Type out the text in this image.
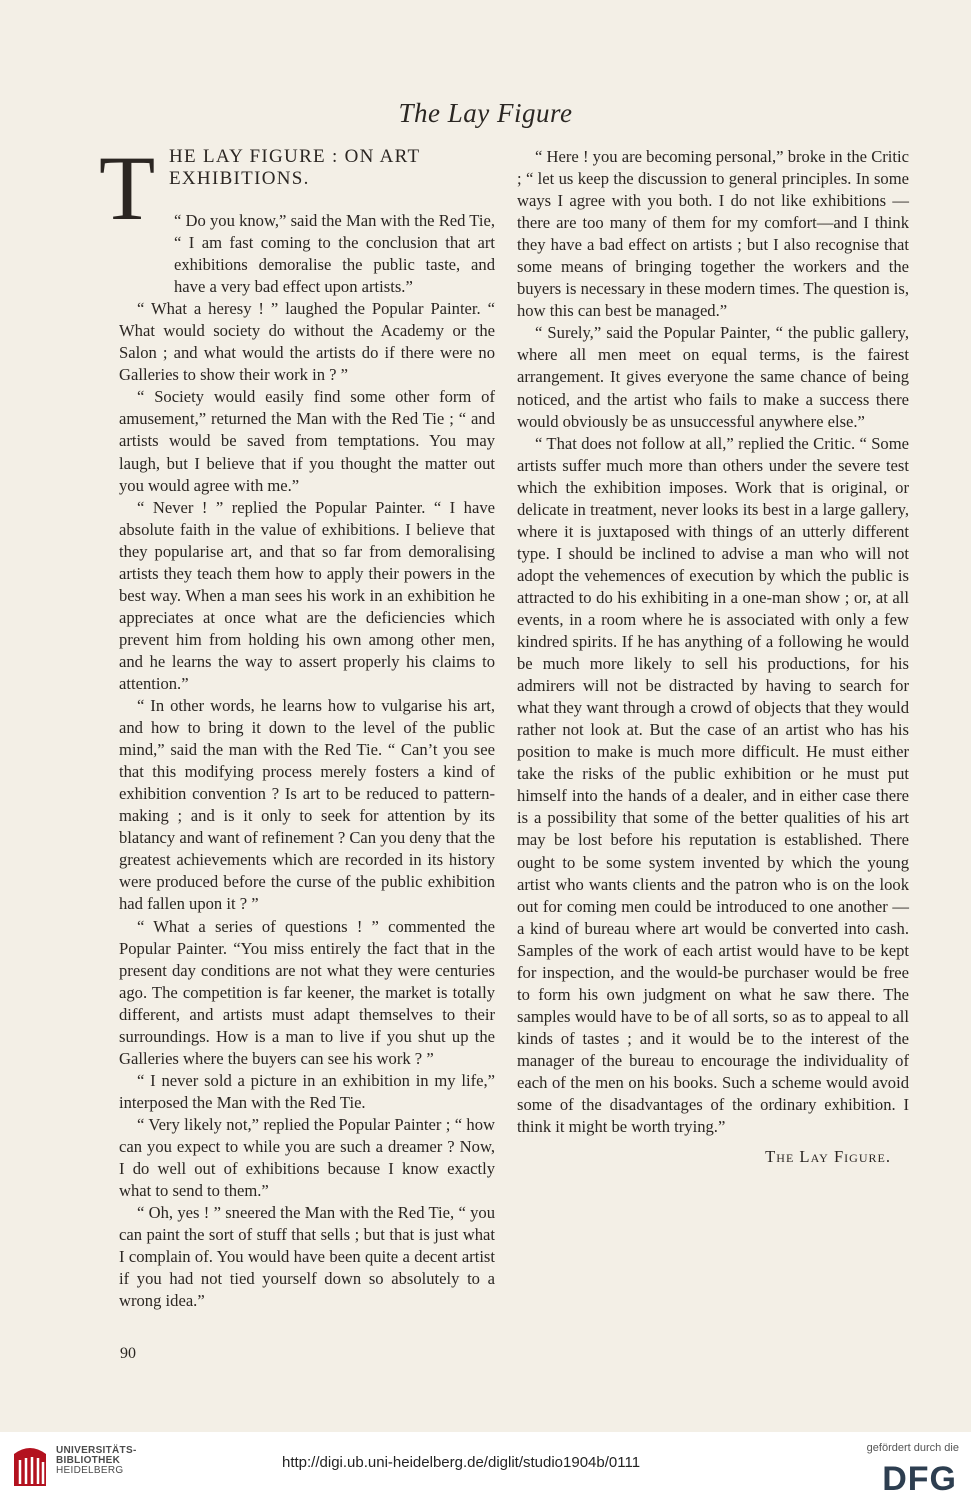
The Lay Figure
T HE LAY FIGURE : ON ART EXHIBITIONS.

“ Do you know,” said the Man with the Red Tie, “ I am fast coming to the conclusion that art exhibitions demoralise the public taste, and have a very bad effect upon artists.”

“ What a heresy ! ” laughed the Popular Painter. “ What would society do without the Academy or the Salon ; and what would the artists do if there were no Galleries to show their work in ? ”

“ Society would easily find some other form of amusement,” returned the Man with the Red Tie ; “ and artists would be saved from temptations. You may laugh, but I believe that if you thought the matter out you would agree with me.”

“ Never ! ” replied the Popular Painter. “ I have absolute faith in the value of exhibitions. I believe that they popularise art, and that so far from demoralising artists they teach them how to apply their powers in the best way. When a man sees his work in an exhibition he appreciates at once what are the deficiencies which prevent him from holding his own among other men, and he learns the way to assert properly his claims to attention.”

“ In other words, he learns how to vulgarise his art, and how to bring it down to the level of the public mind,” said the man with the Red Tie. “ Can’t you see that this modifying process merely fosters a kind of exhibition convention ? Is art to be reduced to pattern-making ; and is it only to seek for attention by its blatancy and want of refinement ? Can you deny that the greatest achievements which are recorded in its history were produced before the curse of the public exhibition had fallen upon it ? ”

“ What a series of questions ! ” commented the Popular Painter. “You miss entirely the fact that in the present day conditions are not what they were centuries ago. The competition is far keener, the market is totally different, and artists must adapt themselves to their surroundings. How is a man to live if you shut up the Galleries where the buyers can see his work ? ”

“ I never sold a picture in an exhibition in my life,” interposed the Man with the Red Tie.

“ Very likely not,” replied the Popular Painter ; “ how can you expect to while you are such a dreamer ? Now, I do well out of exhibitions because I know exactly what to send to them.”

“ Oh, yes ! ” sneered the Man with the Red Tie, “ you can paint the sort of stuff that sells ; but that is just what I complain of. You would have been quite a decent artist if you had not tied yourself down so absolutely to a wrong idea.”

“ Here ! you are becoming personal,” broke in the Critic ; “ let us keep the discussion to general principles. In some ways I agree with you both. I do not like exhibitions — there are too many of them for my comfort—and I think they have a bad effect on artists ; but I also recognise that some means of bringing together the workers and the buyers is necessary in these modern times. The question is, how this can best be managed.”

“ Surely,” said the Popular Painter, “ the public gallery, where all men meet on equal terms, is the fairest arrangement. It gives everyone the same chance of being noticed, and the artist who fails to make a success there would obviously be as unsuccessful anywhere else.”

“ That does not follow at all,” replied the Critic. “ Some artists suffer much more than others under the severe test which the exhibition imposes. Work that is original, or delicate in treatment, never looks its best in a large gallery, where it is juxtaposed with things of an utterly different type. I should be inclined to advise a man who will not adopt the vehemences of execution by which the public is attracted to do his exhibiting in a one-man show ; or, at all events, in a room where he is associated with only a few kindred spirits. If he has anything of a following he would be much more likely to sell his productions, for his admirers will not be distracted by having to search for what they want through a crowd of objects that they would rather not look at. But the case of an artist who has his position to make is much more difficult. He must either take the risks of the public exhibition or he must put himself into the hands of a dealer, and in either case there is a possibility that some of the better qualities of his art may be lost before his reputation is established. There ought to be some system invented by which the young artist who wants clients and the patron who is on the look out for coming men could be introduced to one another —a kind of bureau where art would be converted into cash. Samples of the work of each artist would have to be kept for inspection, and the would-be purchaser would be free to form his own judgment on what he saw there. The samples would have to be of all sorts, so as to appeal to all kinds of tastes ; and it would be to the interest of the manager of the bureau to encourage the individuality of each of the men on his books. Such a scheme would avoid some of the disadvantages of the ordinary exhibition. I think it might be worth trying.”

The Lay Figure.
90
UNIVERSITÄTS-
BIBLIOTHEK
HEIDELBERG	http://digi.ub.uni-heidelberg.de/diglit/studio1904b/0111
gefördert durch die
DFG
